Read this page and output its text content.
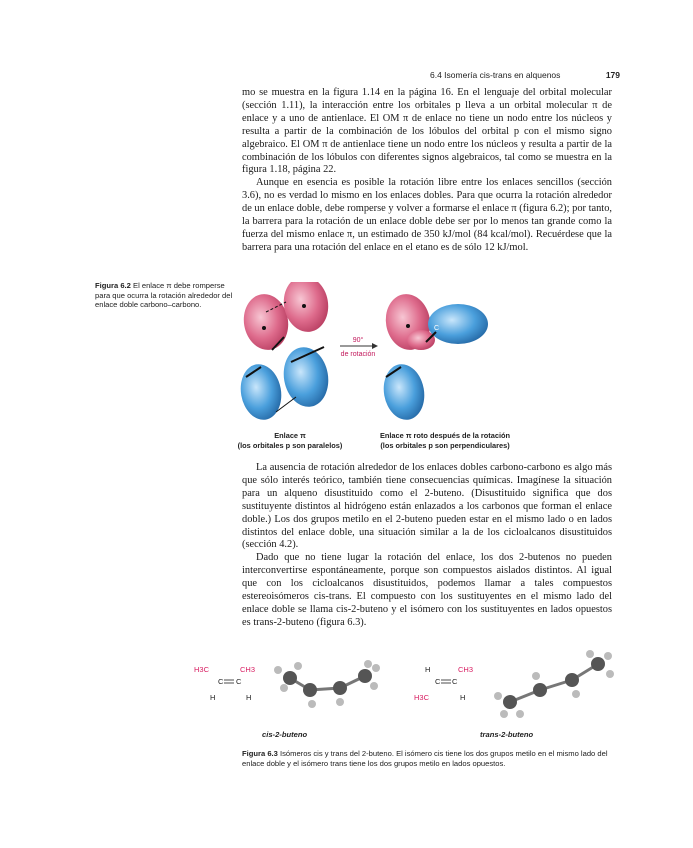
6.4 Isomería cis-trans en alquenos	179

mo se muestra en la figura 1.14 en la página 16. En el lenguaje del orbital molecular (sección 1.11), la interacción entre los orbitales p lleva a un orbital molecular π de enlace y a uno de antienlace. El OM π de enlace no tiene un nodo entre los núcleos y resulta a partir de la combinación de los lóbulos del orbital p con el mismo signo algebraico. El OM π de antienlace tiene un nodo entre los núcleos y resulta a partir de la combinación de los lóbulos con diferentes signos algebraicos, tal como se muestra en la figura 1.18, página 22.

Aunque en esencia es posible la rotación libre entre los enlaces sencillos (sección 3.6), no es verdad lo mismo en los enlaces dobles. Para que ocurra la rotación alrededor de un enlace doble, debe romperse y volver a formarse el enlace π (figura 6.2); por tanto, la barrera para la rotación de un enlace doble debe ser por lo menos tan grande como la fuerza del mismo enlace π, un estimado de 350 kJ/mol (84 kcal/mol). Recuérdese que la barrera para una rotación del enlace en el etano es de sólo 12 kJ/mol.

Figura 6.2 El enlace π debe romperse para que ocurra la rotación alrededor del enlace doble carbono–carbono.
90°
de rotación
C
Enlace π
(los orbitales p son paralelos)
Enlace π roto después de la rotación
(los orbitales p son perpendiculares)

La ausencia de rotación alrededor de los enlaces dobles carbono-carbono es algo más que sólo interés teórico, también tiene consecuencias químicas. Imagínese la situación para un alqueno disustituido como el 2-buteno. (Disustituido significa que dos sustituyente distintos al hidrógeno están enlazados a los carbonos que forman el enlace doble.) Los dos grupos metilo en el 2-buteno pueden estar en el mismo lado o en lados distintos del enlace doble, una situación similar a la de los cicloalcanos disustituidos (sección 4.2).

Dado que no tiene lugar la rotación del enlace, los dos 2-butenos no pueden interconvertirse espontáneamente, porque son compuestos aislados distintos. Al igual que con los cicloalcanos disustituidos, podemos llamar a tales compuestos estereoisómeros cis-trans. El compuesto con los sustituyentes en el mismo lado del enlace doble se llama cis-2-buteno y el isómero con los sustituyentes en lados opuestos es trans-2-buteno (figura 6.3).

H3C	CH3
C C
H	H
H	CH3
C C
H3C	H
cis-2-buteno	trans-2-buteno
Figura 6.3 Isómeros cis y trans del 2-buteno. El isómero cis tiene los dos grupos metilo en el mismo lado del enlace doble y el isómero trans tiene los dos grupos metilo en lados opuestos.
